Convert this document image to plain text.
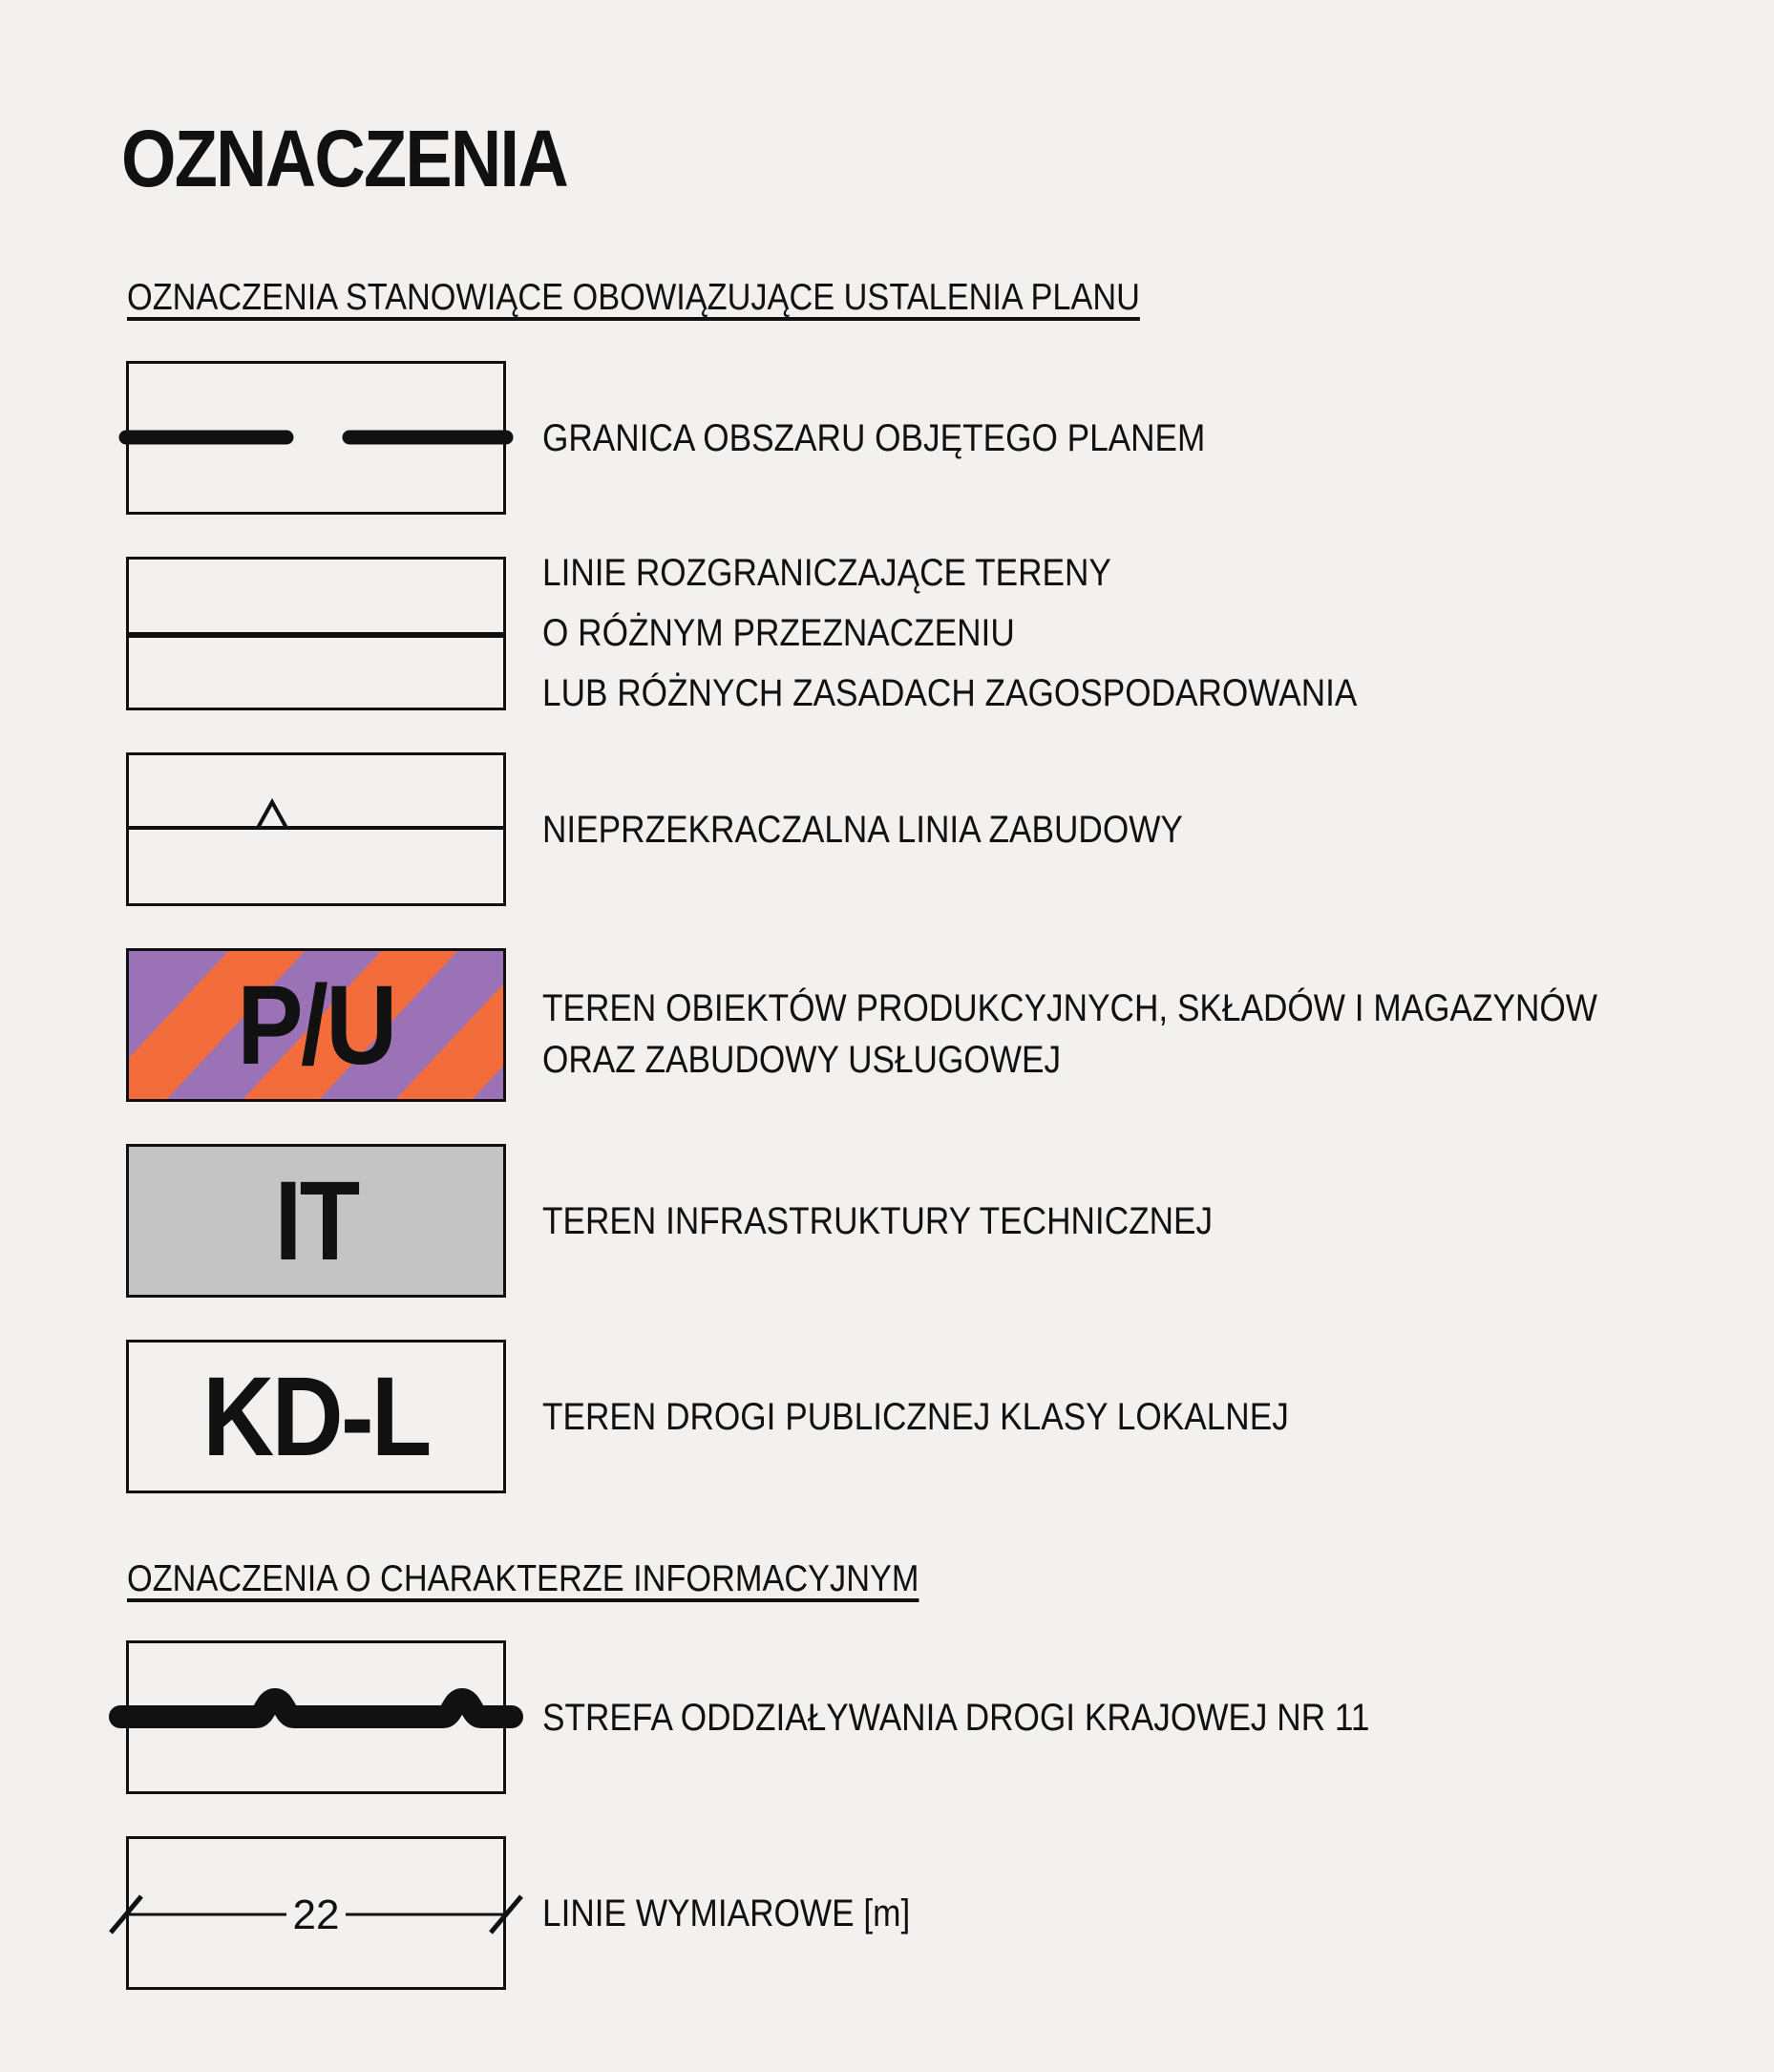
OZNACZENIA
OZNACZENIA STANOWIĄCE OBOWIĄZUJĄCE USTALENIA PLANU
GRANICA OBSZARU OBJĘTEGO PLANEM
LINIE ROZGRANICZAJĄCE TERENY
O RÓŻNYM PRZEZNACZENIU
LUB RÓŻNYCH ZASADACH ZAGOSPODAROWANIA
NIEPRZEKRACZALNA LINIA ZABUDOWY
P/U	TEREN OBIEKTÓW PRODUKCYJNYCH, SKŁADÓW I MAGAZYNÓW
ORAZ ZABUDOWY USŁUGOWEJ
IT	TEREN INFRASTRUKTURY TECHNICZNEJ
KD-L	TEREN DROGI PUBLICZNEJ KLASY LOKALNEJ
OZNACZENIA O CHARAKTERZE INFORMACYJNYM
STREFA ODDZIAŁYWANIA DROGI KRAJOWEJ NR 11
22	LINIE WYMIAROWE [m]
